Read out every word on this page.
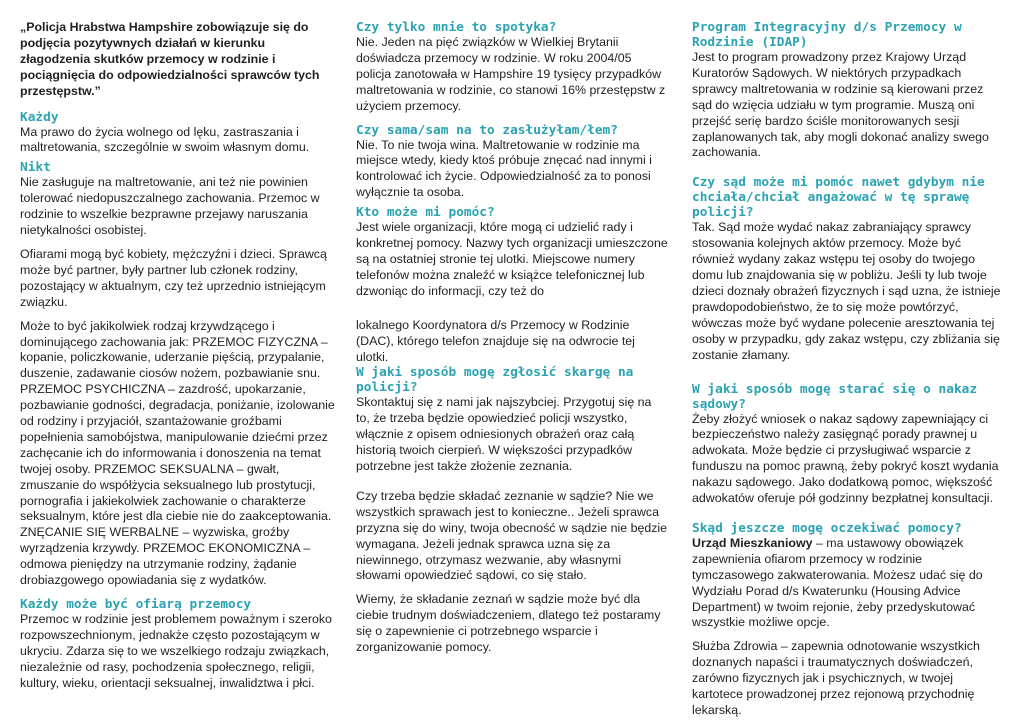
„Policja Hrabstwa Hampshire zobowiązuje się do podjęcia pozytywnych działań w kierunku złagodzenia skutków przemocy w rodzinie i pociągnięcia do odpowiedzialności sprawców tych przestępstw.”

Każdy

Ma prawo do życia wolnego od lęku, zastraszania i maltretowania, szczególnie w swoim własnym domu.

Nikt

Nie zasługuje na maltretowanie, ani też nie powinien tolerować niedopuszczalnego zachowania. Przemoc w rodzinie to wszelkie bezprawne przejawy naruszania nietykalności osobistej.

Ofiarami mogą być kobiety, mężczyźni i dzieci. Sprawcą może być partner, były partner lub członek rodziny, pozostający w aktualnym, czy też uprzednio istniejącym związku.

Może to być jakikolwiek rodzaj krzywdzącego i dominującego zachowania jak: PRZEMOC FIZYCZNA – kopanie, policzkowanie, uderzanie pięścią, przypalanie, duszenie, zadawanie ciosów nożem, pozbawianie snu. PRZEMOC PSYCHICZNA – zazdrość, upokarzanie, pozbawianie godności, degradacja, poniżanie, izolowanie od rodziny i przyjaciół, szantażowanie groźbami popełnienia samobójstwa, manipulowanie dziećmi przez zachęcanie ich do informowania i donoszenia na temat twojej osoby. PRZEMOC SEKSUALNA – gwałt, zmuszanie do współżycia seksualnego lub prostytucji, pornografia i jakiekolwiek zachowanie o charakterze seksualnym, które jest dla ciebie nie do zaakceptowania. ZNĘCANIE SIĘ WERBALNE – wyzwiska, groźby wyrządzenia krzywdy. PRZEMOC EKONOMICZNA – odmowa pieniędzy na utrzymanie rodziny, żądanie drobiazgowego opowiadania się z wydatków.

Każdy może być ofiarą przemocy

Przemoc w rodzinie jest problemem poważnym i szeroko rozpowszechnionym, jednakże często pozostającym w ukryciu. Zdarza się to we wszelkiego rodzaju związkach, niezależnie od rasy, pochodzenia społecznego, religii, kultury, wieku, orientacji seksualnej, inwalidztwa i płci.

Czy tylko mnie to spotyka?

Nie. Jeden na pięć związków w Wielkiej Brytanii doświadcza przemocy w rodzinie. W roku 2004/05 policja zanotowała w Hampshire 19 tysięcy przypadków maltretowania w rodzinie, co stanowi 16% przestępstw z użyciem przemocy.

Czy sama/sam na to zasłużyłam/łem?

Nie. To nie twoja wina. Maltretowanie w rodzinie ma miejsce wtedy, kiedy ktoś próbuje znęcać nad innymi i kontrolować ich życie. Odpowiedzialność za to ponosi wyłącznie ta osoba.

Kto może mi pomóc?

Jest wiele organizacji, które mogą ci udzielić rady i konkretnej pomocy. Nazwy tych organizacji umieszczone są na ostatniej stronie tej ulotki. Miejscowe numery telefonów można znaleźć w książce telefonicznej lub dzwoniąc do informacji, czy też do

lokalnego Koordynatora d/s Przemocy w Rodzinie (DAC), którego telefon znajduje się na odwrocie tej ulotki.

W jaki sposób mogę zgłosić skargę na policji?

Skontaktuj się z nami jak najszybciej. Przygotuj się na to, że trzeba będzie opowiedzieć policji wszystko, włącznie z opisem odniesionych obrażeń oraz całą historią twoich cierpień. W większości przypadków potrzebne jest także złożenie zeznania.

Czy trzeba będzie składać zeznanie w sądzie? Nie we wszystkich sprawach jest to konieczne.. Jeżeli sprawca przyzna się do winy, twoja obecność w sądzie nie będzie wymagana. Jeżeli jednak sprawca uzna się za niewinnego, otrzymasz wezwanie, aby własnymi słowami opowiedzieć sądowi, co się stało.

Wiemy, że składanie zeznań w sądzie może być dla ciebie trudnym doświadczeniem, dlatego też postaramy się o zapewnienie ci potrzebnego wsparcie i zorganizowanie pomocy.

Program Integracyjny d/s Przemocy w Rodzinie (IDAP)

Jest to program prowadzony przez Krajowy Urząd Kuratorów Sądowych. W niektórych przypadkach sprawcy maltretowania w rodzinie są kierowani przez sąd do wzięcia udziału w tym programie. Muszą oni przejść serię bardzo ściśle monitorowanych sesji zaplanowanych tak, aby mogli dokonać analizy swego zachowania.

Czy sąd może mi pomóc nawet gdybym nie chciała/chciał angażować w tę sprawę policji?

Tak. Sąd może wydać nakaz zabraniający sprawcy stosowania kolejnych aktów przemocy. Może być również wydany zakaz wstępu tej osoby do twojego domu lub znajdowania się w pobliżu. Jeśli ty lub twoje dzieci doznały obrażeń fizycznych i sąd uzna, że istnieje prawdopodobieństwo, że to się może powtórzyć, wówczas może być wydane polecenie aresztowania tej osoby w przypadku, gdy zakaz wstępu, czy zbliżania się zostanie złamany.

W jaki sposób mogę starać się o nakaz sądowy?

Żeby złożyć wniosek o nakaz sądowy zapewniający ci bezpieczeństwo należy zasięgnąć porady prawnej u adwokata. Może będzie ci przysługiwać wsparcie z funduszu na pomoc prawną, żeby pokryć koszt wydania nakazu sądowego. Jako dodatkową pomoc, większość adwokatów oferuje pół godzinny bezpłatnej konsultacji.

Skąd jeszcze mogę oczekiwać pomocy?

Urząd Mieszkaniowy – ma ustawowy obowiązek zapewnienia ofiarom przemocy w rodzinie tymczasowego zakwaterowania. Możesz udać się do Wydziału Porad d/s Kwaterunku (Housing Advice Department) w twoim rejonie, żeby przedyskutować wszystkie możliwe opcje.

Służba Zdrowia – zapewnia odnotowanie wszystkich doznanych napaści i traumatycznych doświadczeń, zarówno fizycznych jak i psychicznych, w twojej kartotece prowadzonej przez rejonową przychodnię lekarską.
